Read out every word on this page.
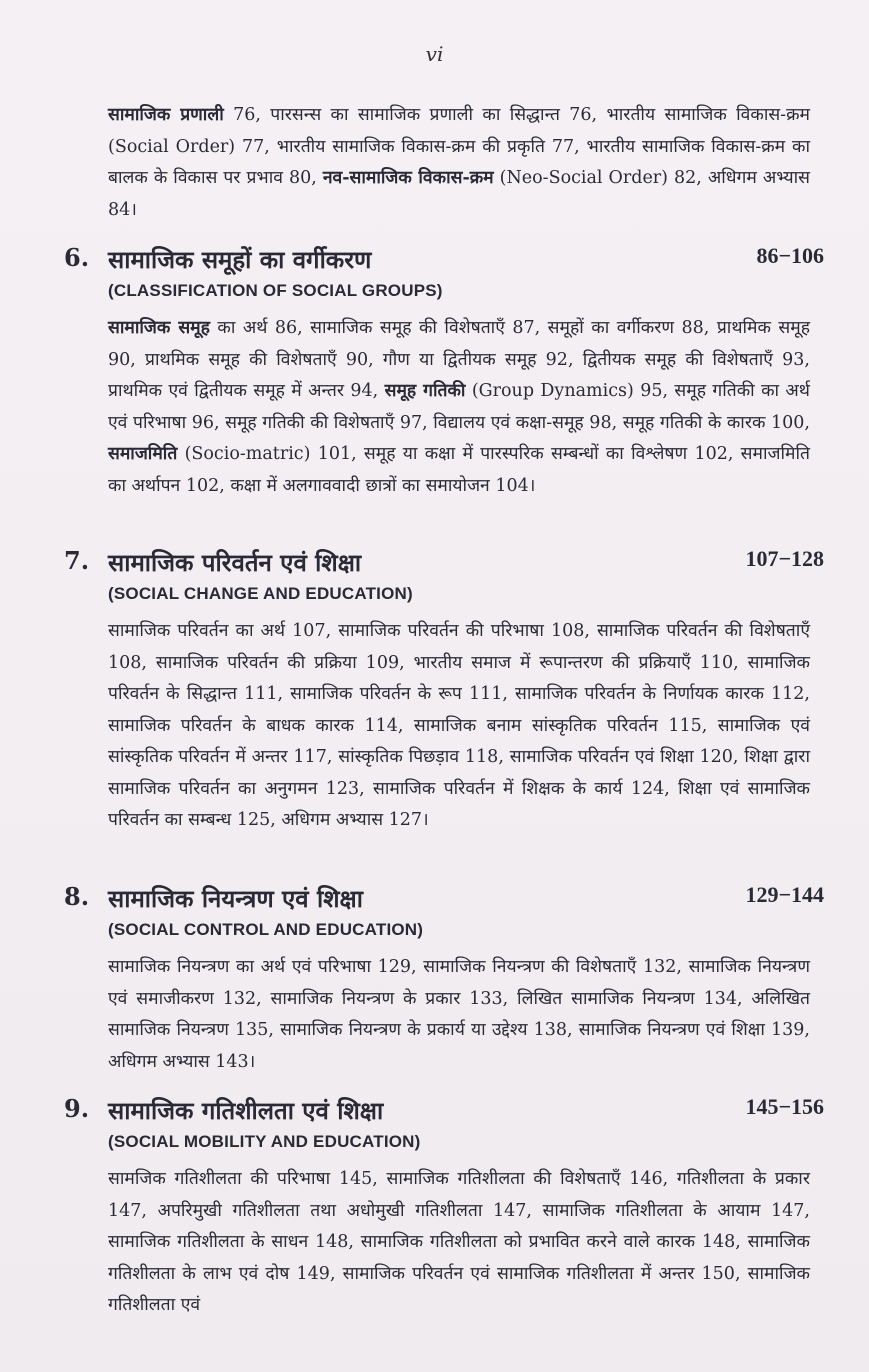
vi

सामाजिक प्रणाली 76, पारसन्स का सामाजिक प्रणाली का सिद्धान्त 76, भारतीय सामाजिक विकास-क्रम (Social Order) 77, भारतीय सामाजिक विकास-क्रम की प्रकृति 77, भारतीय सामाजिक विकास-क्रम का बालक के विकास पर प्रभाव 80, नव-सामाजिक विकास-क्रम (Neo-Social Order) 82, अधिगम अभ्यास 84।

6. सामाजिक समूहों का वर्गीकरण	86−106
(CLASSIFICATION OF SOCIAL GROUPS)

सामाजिक समूह का अर्थ 86, सामाजिक समूह की विशेषताएँ 87, समूहों का वर्गीकरण 88, प्राथमिक समूह 90, प्राथमिक समूह की विशेषताएँ 90, गौण या द्वितीयक समूह 92, द्वितीयक समूह की विशेषताएँ 93, प्राथमिक एवं द्वितीयक समूह में अन्तर 94, समूह गतिकी (Group Dynamics) 95, समूह गतिकी का अर्थ एवं परिभाषा 96, समूह गतिकी की विशेषताएँ 97, विद्यालय एवं कक्षा-समूह 98, समूह गतिकी के कारक 100, समाजमिति (Socio-matric) 101, समूह या कक्षा में पारस्परिक सम्बन्धों का विश्लेषण 102, समाजमिति का अर्थापन 102, कक्षा में अलगाववादी छात्रों का समायोजन 104।

7. सामाजिक परिवर्तन एवं शिक्षा	107−128
(SOCIAL CHANGE AND EDUCATION)

सामाजिक परिवर्तन का अर्थ 107, सामाजिक परिवर्तन की परिभाषा 108, सामाजिक परिवर्तन की विशेषताएँ 108, सामाजिक परिवर्तन की प्रक्रिया 109, भारतीय समाज में रूपान्तरण की प्रक्रियाएँ 110, सामाजिक परिवर्तन के सिद्धान्त 111, सामाजिक परिवर्तन के रूप 111, सामाजिक परिवर्तन के निर्णायक कारक 112, सामाजिक परिवर्तन के बाधक कारक 114, सामाजिक बनाम सांस्कृतिक परिवर्तन 115, सामाजिक एवं सांस्कृतिक परिवर्तन में अन्तर 117, सांस्कृतिक पिछड़ाव 118, सामाजिक परिवर्तन एवं शिक्षा 120, शिक्षा द्वारा सामाजिक परिवर्तन का अनुगमन 123, सामाजिक परिवर्तन में शिक्षक के कार्य 124, शिक्षा एवं सामाजिक परिवर्तन का सम्बन्ध 125, अधिगम अभ्यास 127।

8. सामाजिक नियन्त्रण एवं शिक्षा	129−144
(SOCIAL CONTROL AND EDUCATION)

सामाजिक नियन्त्रण का अर्थ एवं परिभाषा 129, सामाजिक नियन्त्रण की विशेषताएँ 132, सामाजिक नियन्त्रण एवं समाजीकरण 132, सामाजिक नियन्त्रण के प्रकार 133, लिखित सामाजिक नियन्त्रण 134, अलिखित सामाजिक नियन्त्रण 135, सामाजिक नियन्त्रण के प्रकार्य या उद्देश्य 138, सामाजिक नियन्त्रण एवं शिक्षा 139, अधिगम अभ्यास 143।

9. सामाजिक गतिशीलता एवं शिक्षा	145−156
(SOCIAL MOBILITY AND EDUCATION)

सामजिक गतिशीलता की परिभाषा 145, सामाजिक गतिशीलता की विशेषताएँ 146, गतिशीलता के प्रकार 147, अपरिमुखी गतिशीलता तथा अधोमुखी गतिशीलता 147, सामाजिक गतिशीलता के आयाम 147, सामाजिक गतिशीलता के साधन 148, सामाजिक गतिशीलता को प्रभावित करने वाले कारक 148, सामाजिक गतिशीलता के लाभ एवं दोष 149, सामाजिक परिवर्तन एवं सामाजिक गतिशीलता में अन्तर 150, सामाजिक गतिशीलता एवं
